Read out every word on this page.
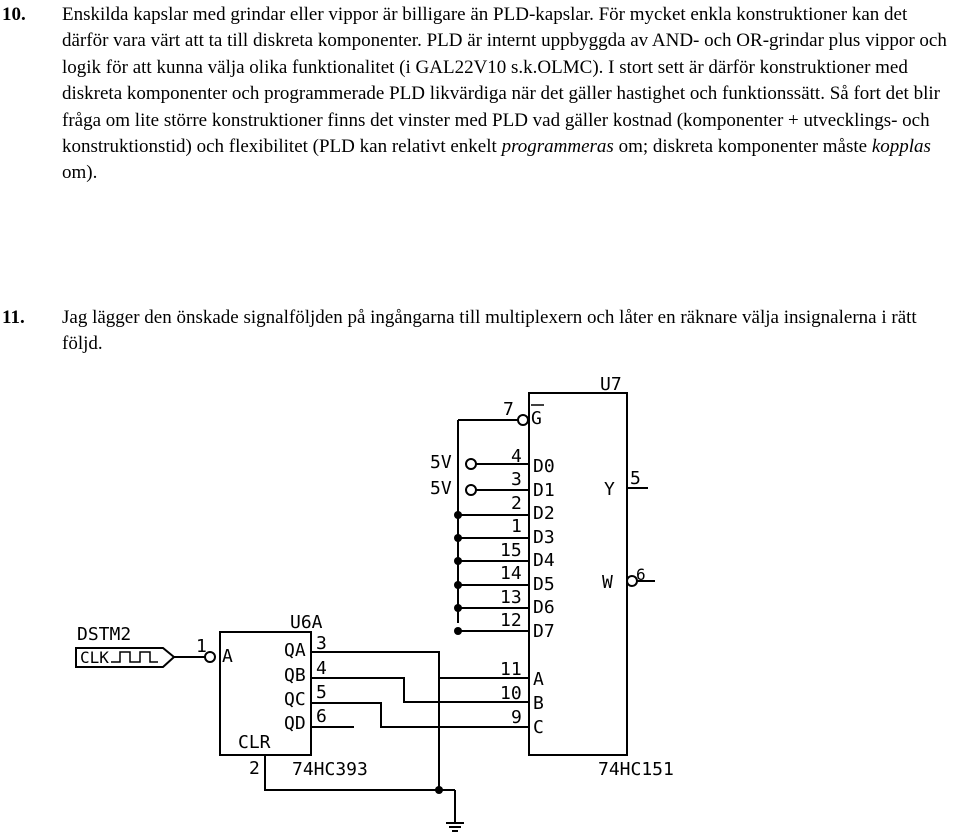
10. Enskilda kapslar med grindar eller vippor är billigare än PLD-kapslar. För mycket enkla konstruktioner kan det därför vara värt att ta till diskreta komponenter. PLD är internt uppbyggda av AND- och OR-grindar plus vippor och logik för att kunna välja olika funktionalitet (i GAL22V10 s.k.OLMC). I stort sett är därför konstruktioner med diskreta komponenter och programmerade PLD likvärdiga när det gäller hastighet och funktionssätt. Så fort det blir fråga om lite större konstruktioner finns det vinster med PLD vad gäller kostnad (komponenter + utvecklings- och konstruktionstid) och flexibilitet (PLD kan relativt enkelt programmeras om; diskreta komponenter måste kopplas om).
11. Jag lägger den önskade signalföljden på ingångarna till multiplexern och låter en räknare välja insignalerna i rätt följd.
U7
74HC151
7 G
5V
5V
4
3
2
1
15
14
13
12
D0
D1
D2
D3
D4
D5
D6
D7
11
10
9
A
B
C
Y
5
W 6
U6A
74HC393
1 A	QA
QB
QC
QD
3
4
5
6
CLR
2
DSTM2
CLK
